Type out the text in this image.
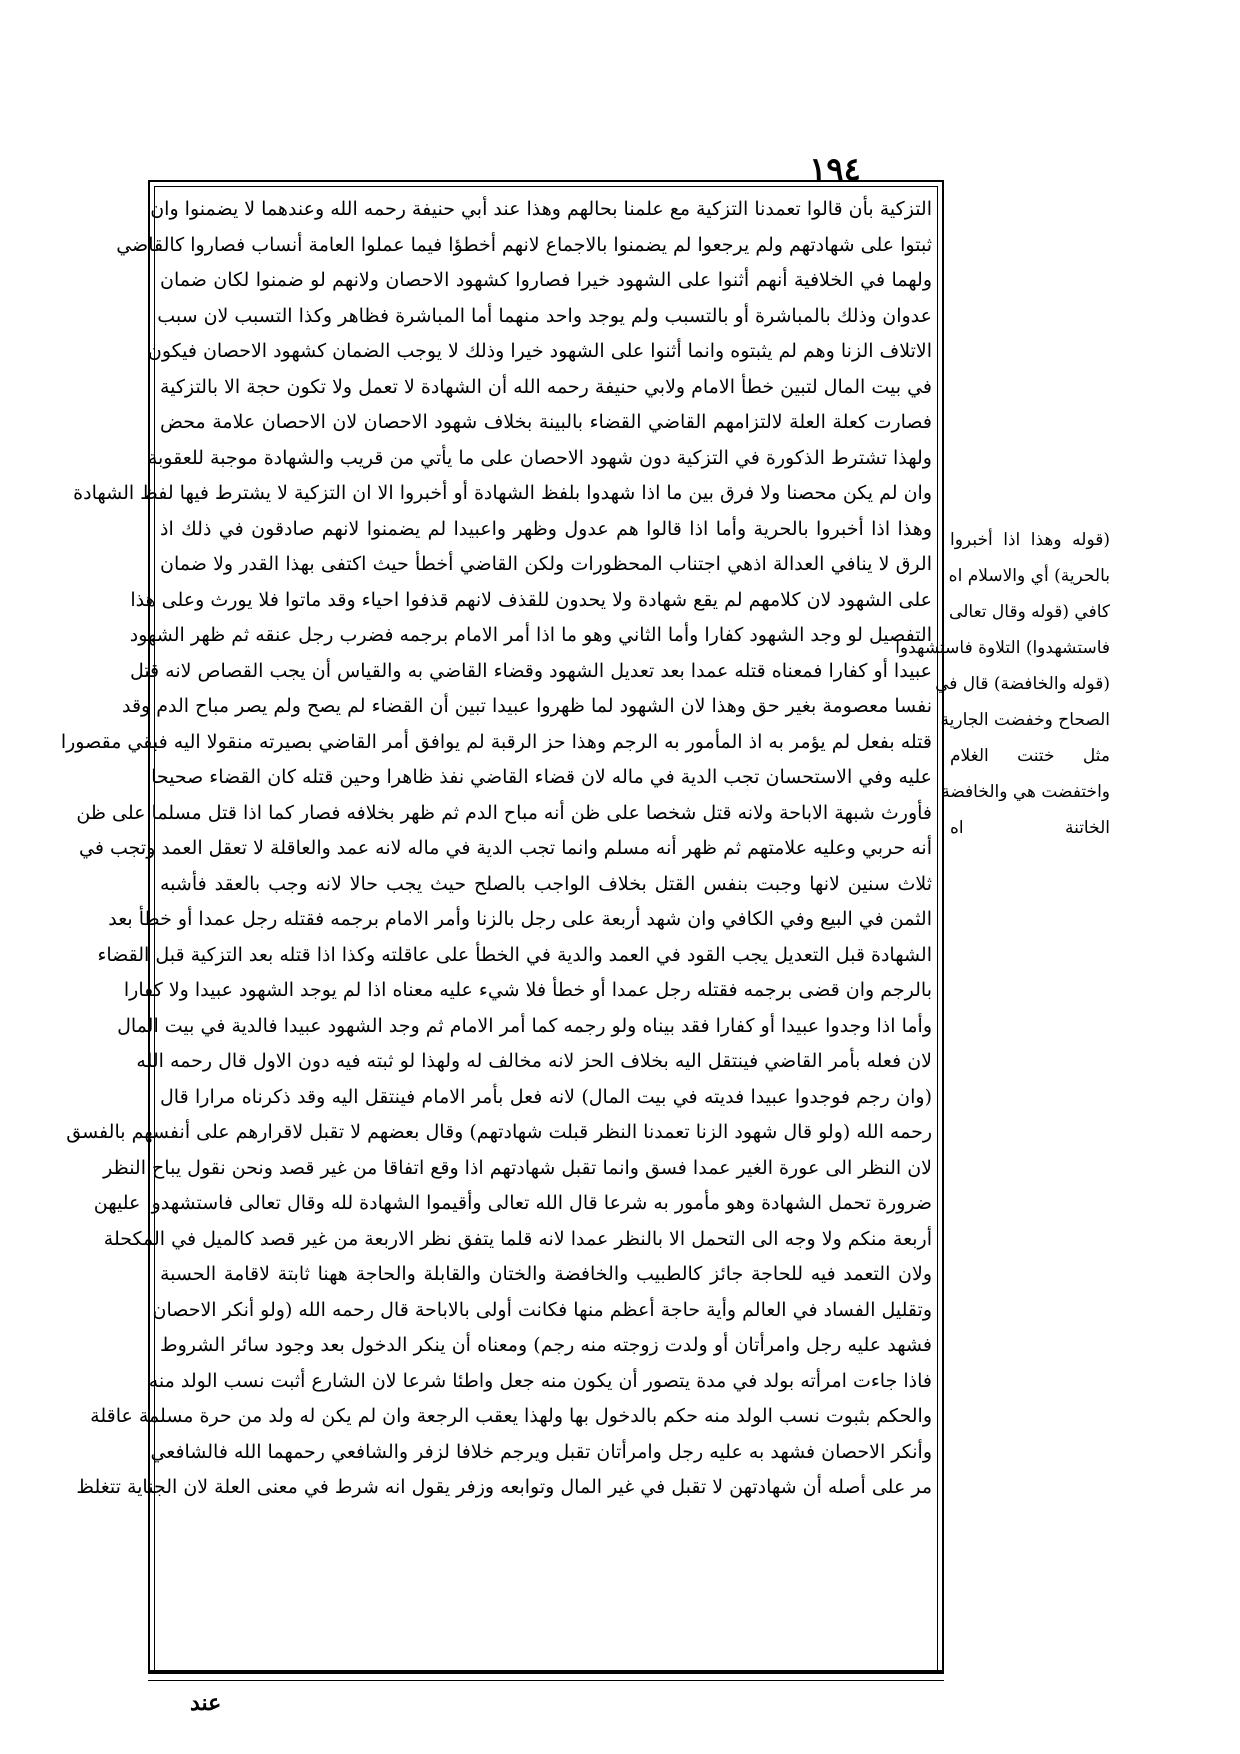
١٩٤
التزكية بأن قالوا تعمدنا التزكية مع علمنا بحالهم وهذا عند أبي حنيفة رحمه الله وعندهما لا يضمنوا وان
ثبتوا على شهادتهم ولم يرجعوا لم يضمنوا بالاجماع لانهم أخطؤا فيما عملوا العامة أنساب فصاروا كالقاضي
ولهما في الخلافية أنهم أثنوا على الشهود خيرا فصاروا كشهود الاحصان ولانهم لو ضمنوا لكان ضمان
عدوان وذلك بالمباشرة أو بالتسبب ولم يوجد واحد منهما أما المباشرة فظاهر وكذا التسبب لان سبب
الاتلاف الزنا وهم لم يثبتوه وانما أثنوا على الشهود خيرا وذلك لا يوجب الضمان كشهود الاحصان فيكون
في بيت المال لتبين خطأ الامام ولابي حنيفة رحمه الله أن الشهادة لا تعمل ولا تكون حجة الا بالتزكية
فصارت كعلة العلة لالتزامهم القاضي القضاء بالبينة بخلاف شهود الاحصان لان الاحصان علامة محض
ولهذا تشترط الذكورة في التزكية دون شهود الاحصان على ما يأتي من قريب والشهادة موجبة للعقوبة
وان لم يكن محصنا ولا فرق بين ما اذا شهدوا بلفظ الشهادة أو أخبروا الا ان التزكية لا يشترط فيها لفظ الشهادة
وهذا اذا أخبروا بالحرية وأما اذا قالوا هم عدول وظهر واعبيدا لم يضمنوا لانهم صادقون في ذلك اذ
الرق لا ينافي العدالة اذهي اجتناب المحظورات ولكن القاضي أخطأ حيث اكتفى بهذا القدر ولا ضمان
على الشهود لان كلامهم لم يقع شهادة ولا يحدون للقذف لانهم قذفوا احياء وقد ماتوا فلا يورث وعلى هذا
التفصيل لو وجد الشهود كفارا وأما الثاني وهو ما اذا أمر الامام برجمه فضرب رجل عنقه ثم ظهر الشهود
عبيدا أو كفارا فمعناه قتله عمدا بعد تعديل الشهود وقضاء القاضي به والقياس أن يجب القصاص لانه قتل
نفسا معصومة بغير حق وهذا لان الشهود لما ظهروا عبيدا تبين أن القضاء لم يصح ولم يصر مباح الدم وقد
قتله بفعل لم يؤمر به اذ المأمور به الرجم وهذا حز الرقبة لم يوافق أمر القاضي بصيرته منقولا اليه فبقي مقصورا
عليه وفي الاستحسان تجب الدية في ماله لان قضاء القاضي نفذ ظاهرا وحين قتله كان القضاء صحيحا
فأورث شبهة الاباحة ولانه قتل شخصا على ظن أنه مباح الدم ثم ظهر بخلافه فصار كما اذا قتل مسلما على ظن
أنه حربي وعليه علامتهم ثم ظهر أنه مسلم وانما تجب الدية في ماله لانه عمد والعاقلة لا تعقل العمد وتجب في
ثلاث سنين لانها وجبت بنفس القتل بخلاف الواجب بالصلح حيث يجب حالا لانه وجب بالعقد فأشبه
الثمن في البيع وفي الكافي وان شهد أربعة على رجل بالزنا وأمر الامام برجمه فقتله رجل عمدا أو خطأ بعد
الشهادة قبل التعديل يجب القود في العمد والدية في الخطأ على عاقلته وكذا اذا قتله بعد التزكية قبل القضاء
بالرجم وان قضى برجمه فقتله رجل عمدا أو خطأ فلا شيء عليه معناه اذا لم يوجد الشهود عبيدا ولا كفارا
وأما اذا وجدوا عبيدا أو كفارا فقد بيناه ولو رجمه كما أمر الامام ثم وجد الشهود عبيدا فالدية في بيت المال
لان فعله بأمر القاضي فينتقل اليه بخلاف الحز لانه مخالف له ولهذا لو ثبته فيه دون الاول قال رحمه الله
(وان رجم فوجدوا عبيدا فديته في بيت المال) لانه فعل بأمر الامام فينتقل اليه وقد ذكرناه مرارا قال
رحمه الله (ولو قال شهود الزنا تعمدنا النظر قبلت شهادتهم) وقال بعضهم لا تقبل لاقرارهم على أنفسهم بالفسق
لان النظر الى عورة الغير عمدا فسق وانما تقبل شهادتهم اذا وقع اتفاقا من غير قصد ونحن نقول يباح النظر
ضرورة تحمل الشهادة وهو مأمور به شرعا قال الله تعالى وأقيموا الشهادة لله وقال تعالى فاستشهدوا عليهن
أربعة منكم ولا وجه الى التحمل الا بالنظر عمدا لانه قلما يتفق نظر الاربعة من غير قصد كالميل في المكحلة
ولان التعمد فيه للحاجة جائز كالطبيب والخافضة والختان والقابلة والحاجة ههنا ثابتة لاقامة الحسبة
وتقليل الفساد في العالم وأية حاجة أعظم منها فكانت أولى بالاباحة قال رحمه الله (ولو أنكر الاحصان
فشهد عليه رجل وامرأتان أو ولدت زوجته منه رجم) ومعناه أن ينكر الدخول بعد وجود سائر الشروط
فاذا جاءت امرأته بولد في مدة يتصور أن يكون منه جعل واطئا شرعا لان الشارع أثبت نسب الولد منه
والحكم بثبوت نسب الولد منه حكم بالدخول بها ولهذا يعقب الرجعة وان لم يكن له ولد من حرة مسلمة عاقلة
وأنكر الاحصان فشهد به عليه رجل وامرأتان تقبل ويرجم خلافا لزفر والشافعي رحمهما الله فالشافعي
مر على أصله أن شهادتهن لا تقبل في غير المال وتوابعه وزفر يقول انه شرط في معنى العلة لان الجناية تتغلظ
عند
(قوله وهذا اذا أخبروا
بالحرية) أي والاسلام اه
كافي (قوله وقال تعالى
فاستشهدوا) التلاوة فاستشهدوا
(قوله والخافضة) قال في
الصحاح وخفضت الجارية
مثل ختنت الغلام
واختفضت هي والخافضة
الخاتنة اه
